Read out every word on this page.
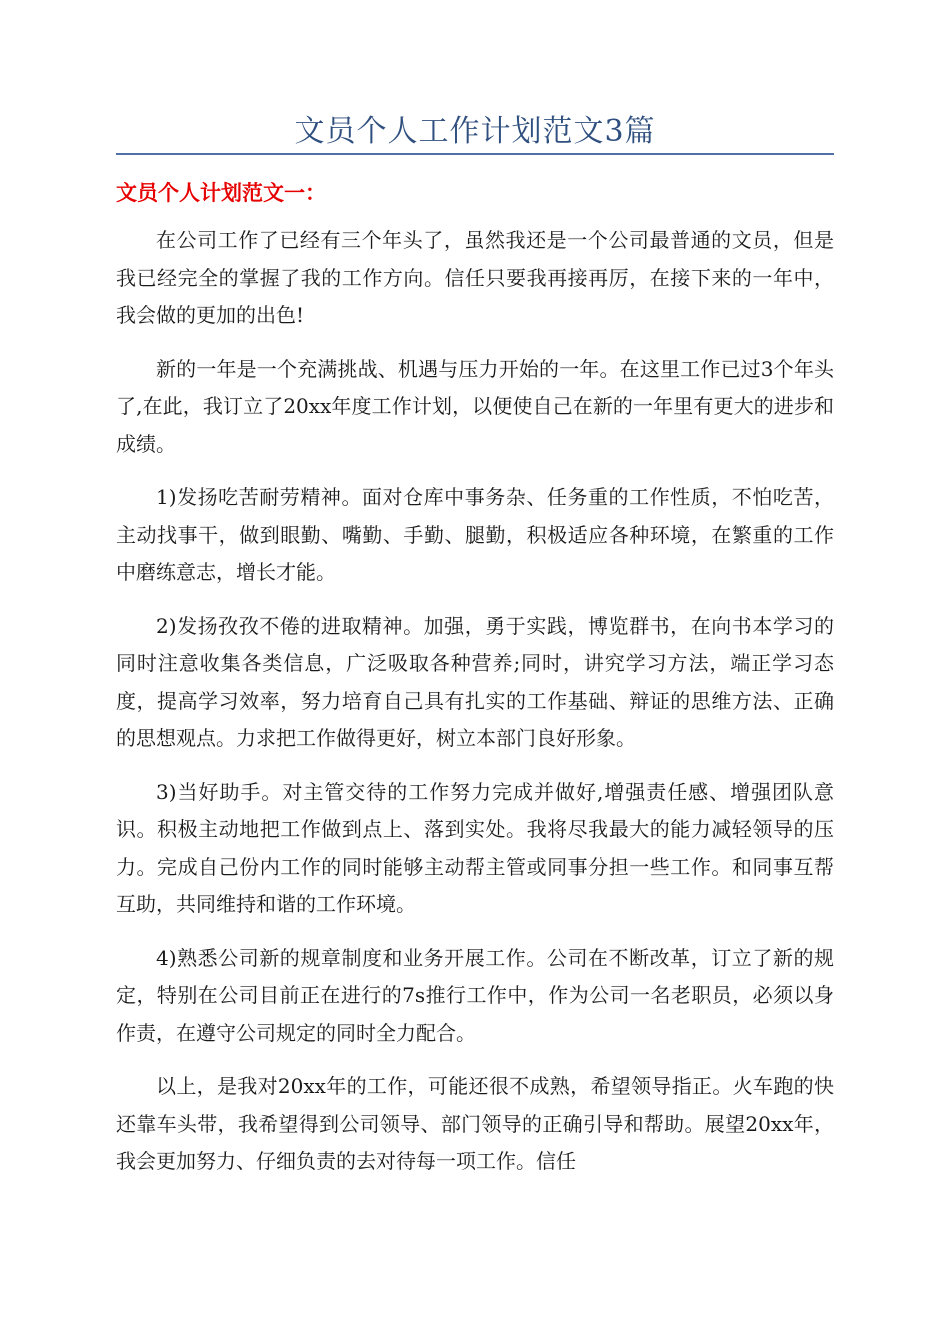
文员个人工作计划范文3篇
文员个人计划范文一：

在公司工作了已经有三个年头了，虽然我还是一个公司最普通的文员，但是我已经完全的掌握了我的工作方向。信任只要我再接再厉，在接下来的一年中，我会做的更加的出色!

新的一年是一个充满挑战、机遇与压力开始的一年。在这里工作已过3个年头了,在此，我订立了20xx年度工作计划，以便使自己在新的一年里有更大的进步和成绩。

1)发扬吃苦耐劳精神。面对仓库中事务杂、任务重的工作性质，不怕吃苦，主动找事干，做到眼勤、嘴勤、手勤、腿勤，积极适应各种环境，在繁重的工作中磨练意志，增长才能。

2)发扬孜孜不倦的进取精神。加强，勇于实践，博览群书，在向书本学习的同时注意收集各类信息，广泛吸取各种营养;同时，讲究学习方法，端正学习态度，提高学习效率，努力培育自己具有扎实的工作基础、辩证的思维方法、正确的思想观点。力求把工作做得更好，树立本部门良好形象。

3)当好助手。对主管交待的工作努力完成并做好,增强责任感、增强团队意识。积极主动地把工作做到点上、落到实处。我将尽我最大的能力减轻领导的压力。完成自己份内工作的同时能够主动帮主管或同事分担一些工作。和同事互帮互助，共同维持和谐的工作环境。

4)熟悉公司新的规章制度和业务开展工作。公司在不断改革，订立了新的规定，特别在公司目前正在进行的7s推行工作中，作为公司一名老职员，必须以身作责，在遵守公司规定的同时全力配合。

以上，是我对20xx年的工作，可能还很不成熟，希望领导指正。火车跑的快还靠车头带，我希望得到公司领导、部门领导的正确引导和帮助。展望20xx年，我会更加努力、仔细负责的去对待每一项工作。信任
